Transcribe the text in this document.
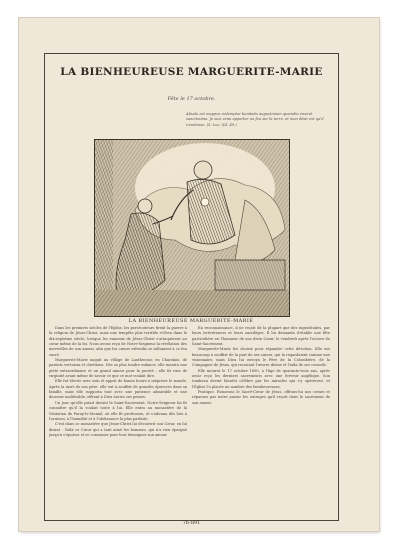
LA BIENHEUREUSE MARGUERITE-MARIE
Fête le 17 octobre.
Absolu est magnus redemptor bonitatis augustiniam quamdiu viveret sanctissima. Je suis venu apporter un feu sur la terre, et mon désir est qu'il s'embrase. (S. Luc, XII, 49.)
LA BIENHEUREUSE MARGUERITE-MARIE

Dans les premiers siècles de l'Église, les persécuteurs firent la guerre à la religion de Jésus-Christ, mais une tempête plus terrible s'éleva dans le dix-septième siècle, lorsque les ennemis de Jésus-Christ s'attaquèrent au cœur même de la foi. Nous avons reçu de Notre-Seigneur la révélation des merveilles de son amour, afin que les cœurs refroidis se rallument à ce feu sacré.

Marguerite-Marie naquit au village de Lauthecour, en Charolais, de parents vertueux et chrétiens. Dès sa plus tendre enfance, elle montra une piété extraordinaire et un grand amour pour la pureté ; elle fit vœu de virginité avant même de savoir ce que ce mot voulait dire.

Elle fut élevée avec soin et apprit de bonne heure à mépriser le monde. Après la mort de son père, elle eut à souffrir de grandes épreuves dans sa famille, mais elle supporta tout avec une patience admirable et une douceur inaltérable, offrant à Dieu toutes ses peines.

Un jour qu'elle priait devant le Saint-Sacrement, Notre-Seigneur lui fit connaître qu'il la voulait toute à lui. Elle entra au monastère de la Visitation de Paray-le-Monial, où elle fit profession, et s'adonna dès lors à l'oraison, à l'humilité et à l'obéissance la plus parfaite.

C'est dans ce monastère que Jésus-Christ lui découvrit son Cœur, en lui disant : Voilà ce Cœur qui a tant aimé les hommes, qui n'a rien épargné jusqu'à s'épuiser et se consumer pour leur témoigner son amour.

En reconnaissance, il ne reçoit de la plupart que des ingratitudes, par leurs irrévérences et leurs sacrilèges. Il lui demanda d'établir une fête particulière en l'honneur de son divin Cœur, le vendredi après l'octave du Saint-Sacrement.

Marguerite-Marie fut choisie pour répandre cette dévotion. Elle eut beaucoup à souffrir de la part de ses sœurs, qui la regardaient comme une visionnaire, mais Dieu lui envoya le Père de la Colombière, de la Compagnie de Jésus, qui reconnut l'œuvre divine et l'aida de ses conseils.

Elle mourut le 17 octobre 1690, à l'âge de quarante-trois ans, après avoir reçu les derniers sacrements avec une ferveur angélique. Son tombeau devint bientôt célèbre par les miracles qui s'y opérèrent, et l'Église l'a placée au nombre des bienheureuses.

Pratique. Honorons le Sacré-Cœur de Jésus, offrons-lui nos cœurs et réparons par notre amour les outrages qu'il reçoit dans le sacrement de son amour.

76-891
